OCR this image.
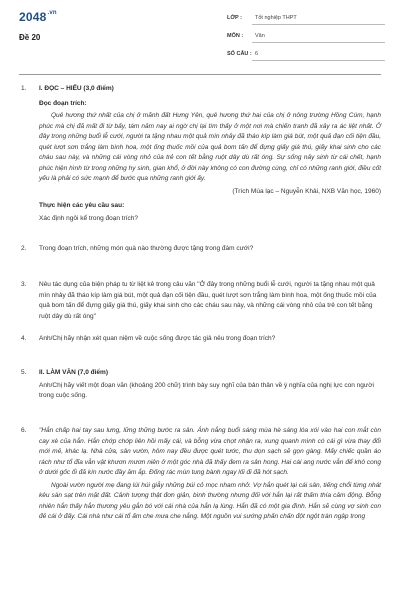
$2048^{.vn}$
Đề 20
LỚP : Tốt nghiệp THPT
MÔN : Văn
SỐ CÂU : 6
1. I. ĐỌC – HIỂU (3,0 điểm)
Đọc đoạn trích:
Quê hương thứ nhất của chị ở mãnh đất Hưng Yên, quê hương thứ hai của chị ở nông trường Hồng Cúm, hạnh phúc mà chị đã mất đi từ bấy, tám năm nay ai ngờ chị lại tìm thấy ở một nơi mà chiến tranh đã xảy ra ác liệt nhất. Ở đây trong những buổi lễ cưới, người ta tặng nhau một quả mìn nhảy đã tháo kíp làm giá bút, một quả đạn cối tiện đầu, quét lượt sơn trắng làm bình hoa, một ống thuốc mồi của quả bom tấn để đựng giấy giá thú, giấy khai sinh cho các cháu sau này, và những cái vòng nhỏ của trẻ con tết bằng ruột dây dù rất óng. Sự sống nảy sinh từ cái chết, hạnh phúc hiện hình từ trong những hy sinh, gian khổ, ở đời này không có con đường cùng, chỉ có những ranh giới, điều cốt yếu là phải có sức mạnh để bước qua những ranh giới ấy.
(Trích Mùa lạc – Nguyễn Khải, NXB Văn học, 1960)
Thực hiện các yêu cầu sau:
Xác định ngôi kể trong đoạn trích?
2. Trong đoạn trích, những món quà nào thường được tặng trong đám cưới?
3. Nêu tác dụng của biện pháp tu từ liệt kê trong câu văn "Ở đây trong những buổi lễ cưới, người ta tặng nhau một quả mìn nhảy đã tháo kíp làm giá bút, một quả đạn cối tiện đầu, quét lượt sơn trắng làm bình hoa, một ống thuốc mồi của quả bom tấn để đựng giấy giá thú, giấy khai sinh cho các cháu sau này, và những cái vòng nhỏ của trẻ con tết bằng ruột dây dù rất óng"
4. Anh/Chị hãy nhận xét quan niệm về cuộc sống được tác giả nêu trong đoạn trích?
5. II. LÀM VĂN (7,0 điểm)
Anh/Chị hãy viết một đoạn văn (khoảng 200 chữ) trình bày suy nghĩ của bản thân về ý nghĩa của nghị lực con người trong cuộc sống.
6. "Hắn chấp hai tay sau lưng, lững thững bước ra sân. Ánh nắng buổi sáng mùa hè sáng lóa xói vào hai con mắt còn cay xè của hắn. Hắn chớp chớp liên hồi mấy cái, và bỗng vừa chợt nhận ra, xung quanh mình có cái gì vừa thay đổi mới mẻ, khác lạ. Nhà cửa, sân vườn, hôm nay đều được quét tước, thu dọn sạch sẽ gọn gàng. Mấy chiếc quần áo rách như tổ đỉa vẫn vật khươn mươn niên ở một góc nhà đã thấy đem ra sân hong. Hai cái ang nước vẫn để khô cong ở dưới gốc ổi đã kín nước đầy ăm ắp. Đống rác mùn tung bành ngay lối đi đã hót sạch.
Ngoài vườn người mẹ đang lúi húi giẫy những búi cỏ mọc nham nhở. Vợ hắn quét lại cái sân, tiếng chổi từng nhát kêu sàn sạt trên mặt đất. Cảnh tượng thật đơn giản, bình thường nhưng đối với hắn lại rất thấm thía cảm động. Bỗng nhiên hắn thấy hắn thương yêu gắn bó với cái nhà của hắn lạ lùng. Hắn đã có một gia đình. Hắn sẽ cùng vợ sinh con đẻ cái ở đấy. Cái nhà như cái tổ ấm che mưa che nắng. Một nguồn vui sướng phấn chấn đột ngột tràn ngập trong
